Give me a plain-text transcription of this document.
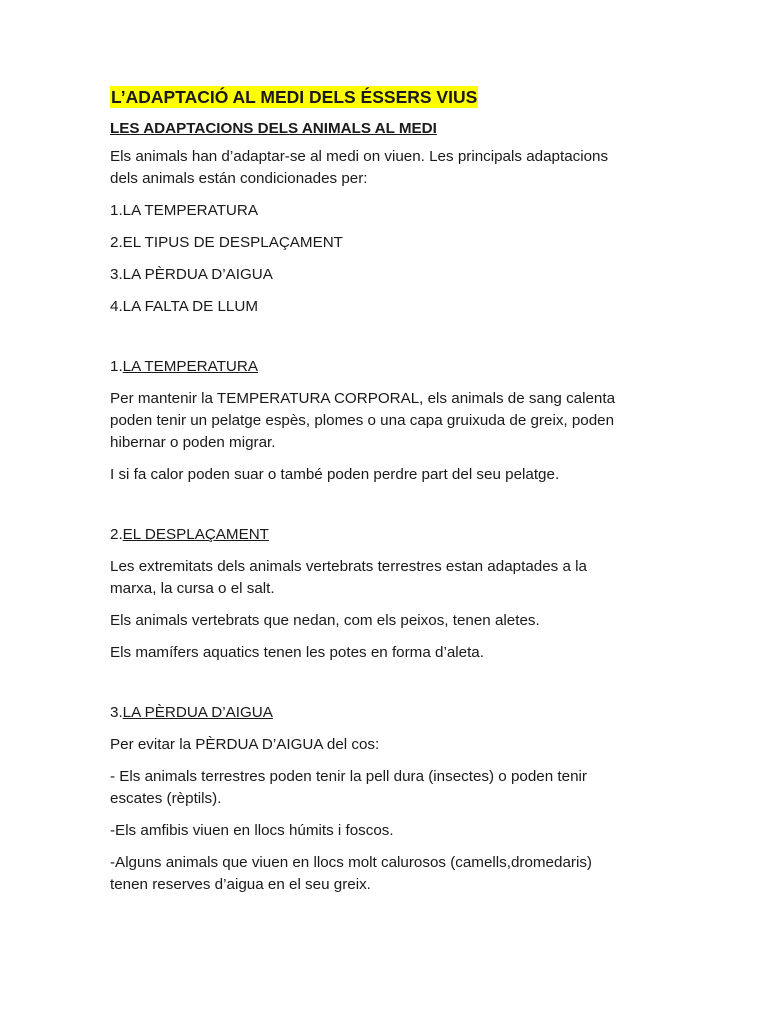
L’ADAPTACIÓ AL MEDI DELS ÉSSERS VIUS
LES ADAPTACIONS DELS ANIMALS AL MEDI

Els animals han d’adaptar-se al medi on viuen. Les principals adaptacions
dels animals están condicionades per:

1.LA TEMPERATURA
2.EL TIPUS DE DESPLAÇAMENT
3.LA PÈRDUA D’AIGUA
4.LA FALTA DE LLUM
1.LA TEMPERATURA

Per mantenir la TEMPERATURA CORPORAL, els animals de sang calenta
poden tenir un pelatge espès, plomes o una capa gruixuda de greix, poden
hibernar o poden migrar.

I si fa calor poden suar o també poden perdre part del seu pelatge.

2.EL DESPLAÇAMENT

Les extremitats dels animals vertebrats terrestres estan adaptades a la
marxa, la cursa o el salt.

Els animals vertebrats que nedan, com els peixos, tenen aletes.

Els mamífers aquatics tenen les potes en forma d’aleta.

3.LA PÈRDUA D’AIGUA

Per evitar la PÈRDUA D’AIGUA del cos:

- Els animals terrestres poden tenir la pell dura (insectes) o poden tenir
escates (rèptils).

-Els amfibis viuen en llocs húmits i foscos.

-Alguns animals que viuen en llocs molt calurosos (camells,dromedaris)
tenen reserves d’aigua en el seu greix.
